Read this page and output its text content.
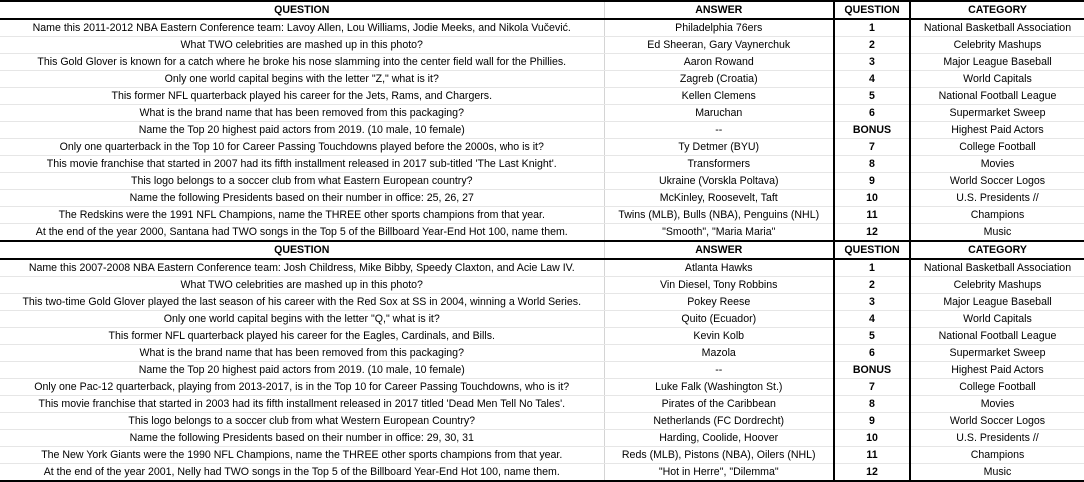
QUESTION	ANSWER	QUESTION	CATEGORY
Name this 2011-2012 NBA Eastern Conference team: Lavoy Allen, Lou Williams, Jodie Meeks, and Nikola Vučević.	Philadelphia 76ers	1	National Basketball Association
What TWO celebrities are mashed up in this photo?	Ed Sheeran, Gary Vaynerchuk	2	Celebrity Mashups
This Gold Glover is known for a catch where he broke his nose slamming into the center field wall for the Phillies.	Aaron Rowand	3	Major League Baseball
Only one world capital begins with the letter "Z," what is it?	Zagreb (Croatia)	4	World Capitals
This former NFL quarterback played his career for the Jets, Rams, and Chargers.	Kellen Clemens	5	National Football League
What is the brand name that has been removed from this packaging?	Maruchan	6	Supermarket Sweep
Name the Top 20 highest paid actors from 2019. (10 male, 10 female)	--	BONUS	Highest Paid Actors
Only one quarterback in the Top 10 for Career Passing Touchdowns played before the 2000s, who is it?	Ty Detmer (BYU)	7	College Football
This movie franchise that started in 2007 had its fifth installment released in 2017 sub-titled 'The Last Knight'.	Transformers	8	Movies
This logo belongs to a soccer club from what Eastern European country?	Ukraine (Vorskla Poltava)	9	World Soccer Logos
Name the following Presidents based on their number in office: 25, 26, 27	McKinley, Roosevelt, Taft	10	U.S. Presidents //
The Redskins were the 1991 NFL Champions, name the THREE other sports champions from that year.	Twins (MLB), Bulls (NBA), Penguins (NHL)	11	Champions
At the end of the year 2000, Santana had TWO songs in the Top 5 of the Billboard Year-End Hot 100, name them.	"Smooth", "Maria Maria"	12	Music
QUESTION	ANSWER	QUESTION	CATEGORY
Name this 2007-2008 NBA Eastern Conference team: Josh Childress, Mike Bibby, Speedy Claxton, and Acie Law IV.	Atlanta Hawks	1	National Basketball Association
What TWO celebrities are mashed up in this photo?	Vin Diesel, Tony Robbins	2	Celebrity Mashups
This two-time Gold Glover played the last season of his career with the Red Sox at SS in 2004, winning a World Series.	Pokey Reese	3	Major League Baseball
Only one world capital begins with the letter "Q," what is it?	Quito (Ecuador)	4	World Capitals
This former NFL quarterback played his career for the Eagles, Cardinals, and Bills.	Kevin Kolb	5	National Football League
What is the brand name that has been removed from this packaging?	Mazola	6	Supermarket Sweep
Name the Top 20 highest paid actors from 2019. (10 male, 10 female)	--	BONUS	Highest Paid Actors
Only one Pac-12 quarterback, playing from 2013-2017, is in the Top 10 for Career Passing Touchdowns, who is it?	Luke Falk (Washington St.)	7	College Football
This movie franchise that started in 2003 had its fifth installment released in 2017 titled 'Dead Men Tell No Tales'.	Pirates of the Caribbean	8	Movies
This logo belongs to a soccer club from what Western European Country?	Netherlands (FC Dordrecht)	9	World Soccer Logos
Name the following Presidents based on their number in office: 29, 30, 31	Harding, Coolide, Hoover	10	U.S. Presidents //
The New York Giants were the 1990 NFL Champions, name the THREE other sports champions from that year.	Reds (MLB), Pistons (NBA), Oilers (NHL)	11	Champions
At the end of the year 2001, Nelly had TWO songs in the Top 5 of the Billboard Year-End Hot 100, name them.	"Hot in Herre", "Dilemma"	12	Music
